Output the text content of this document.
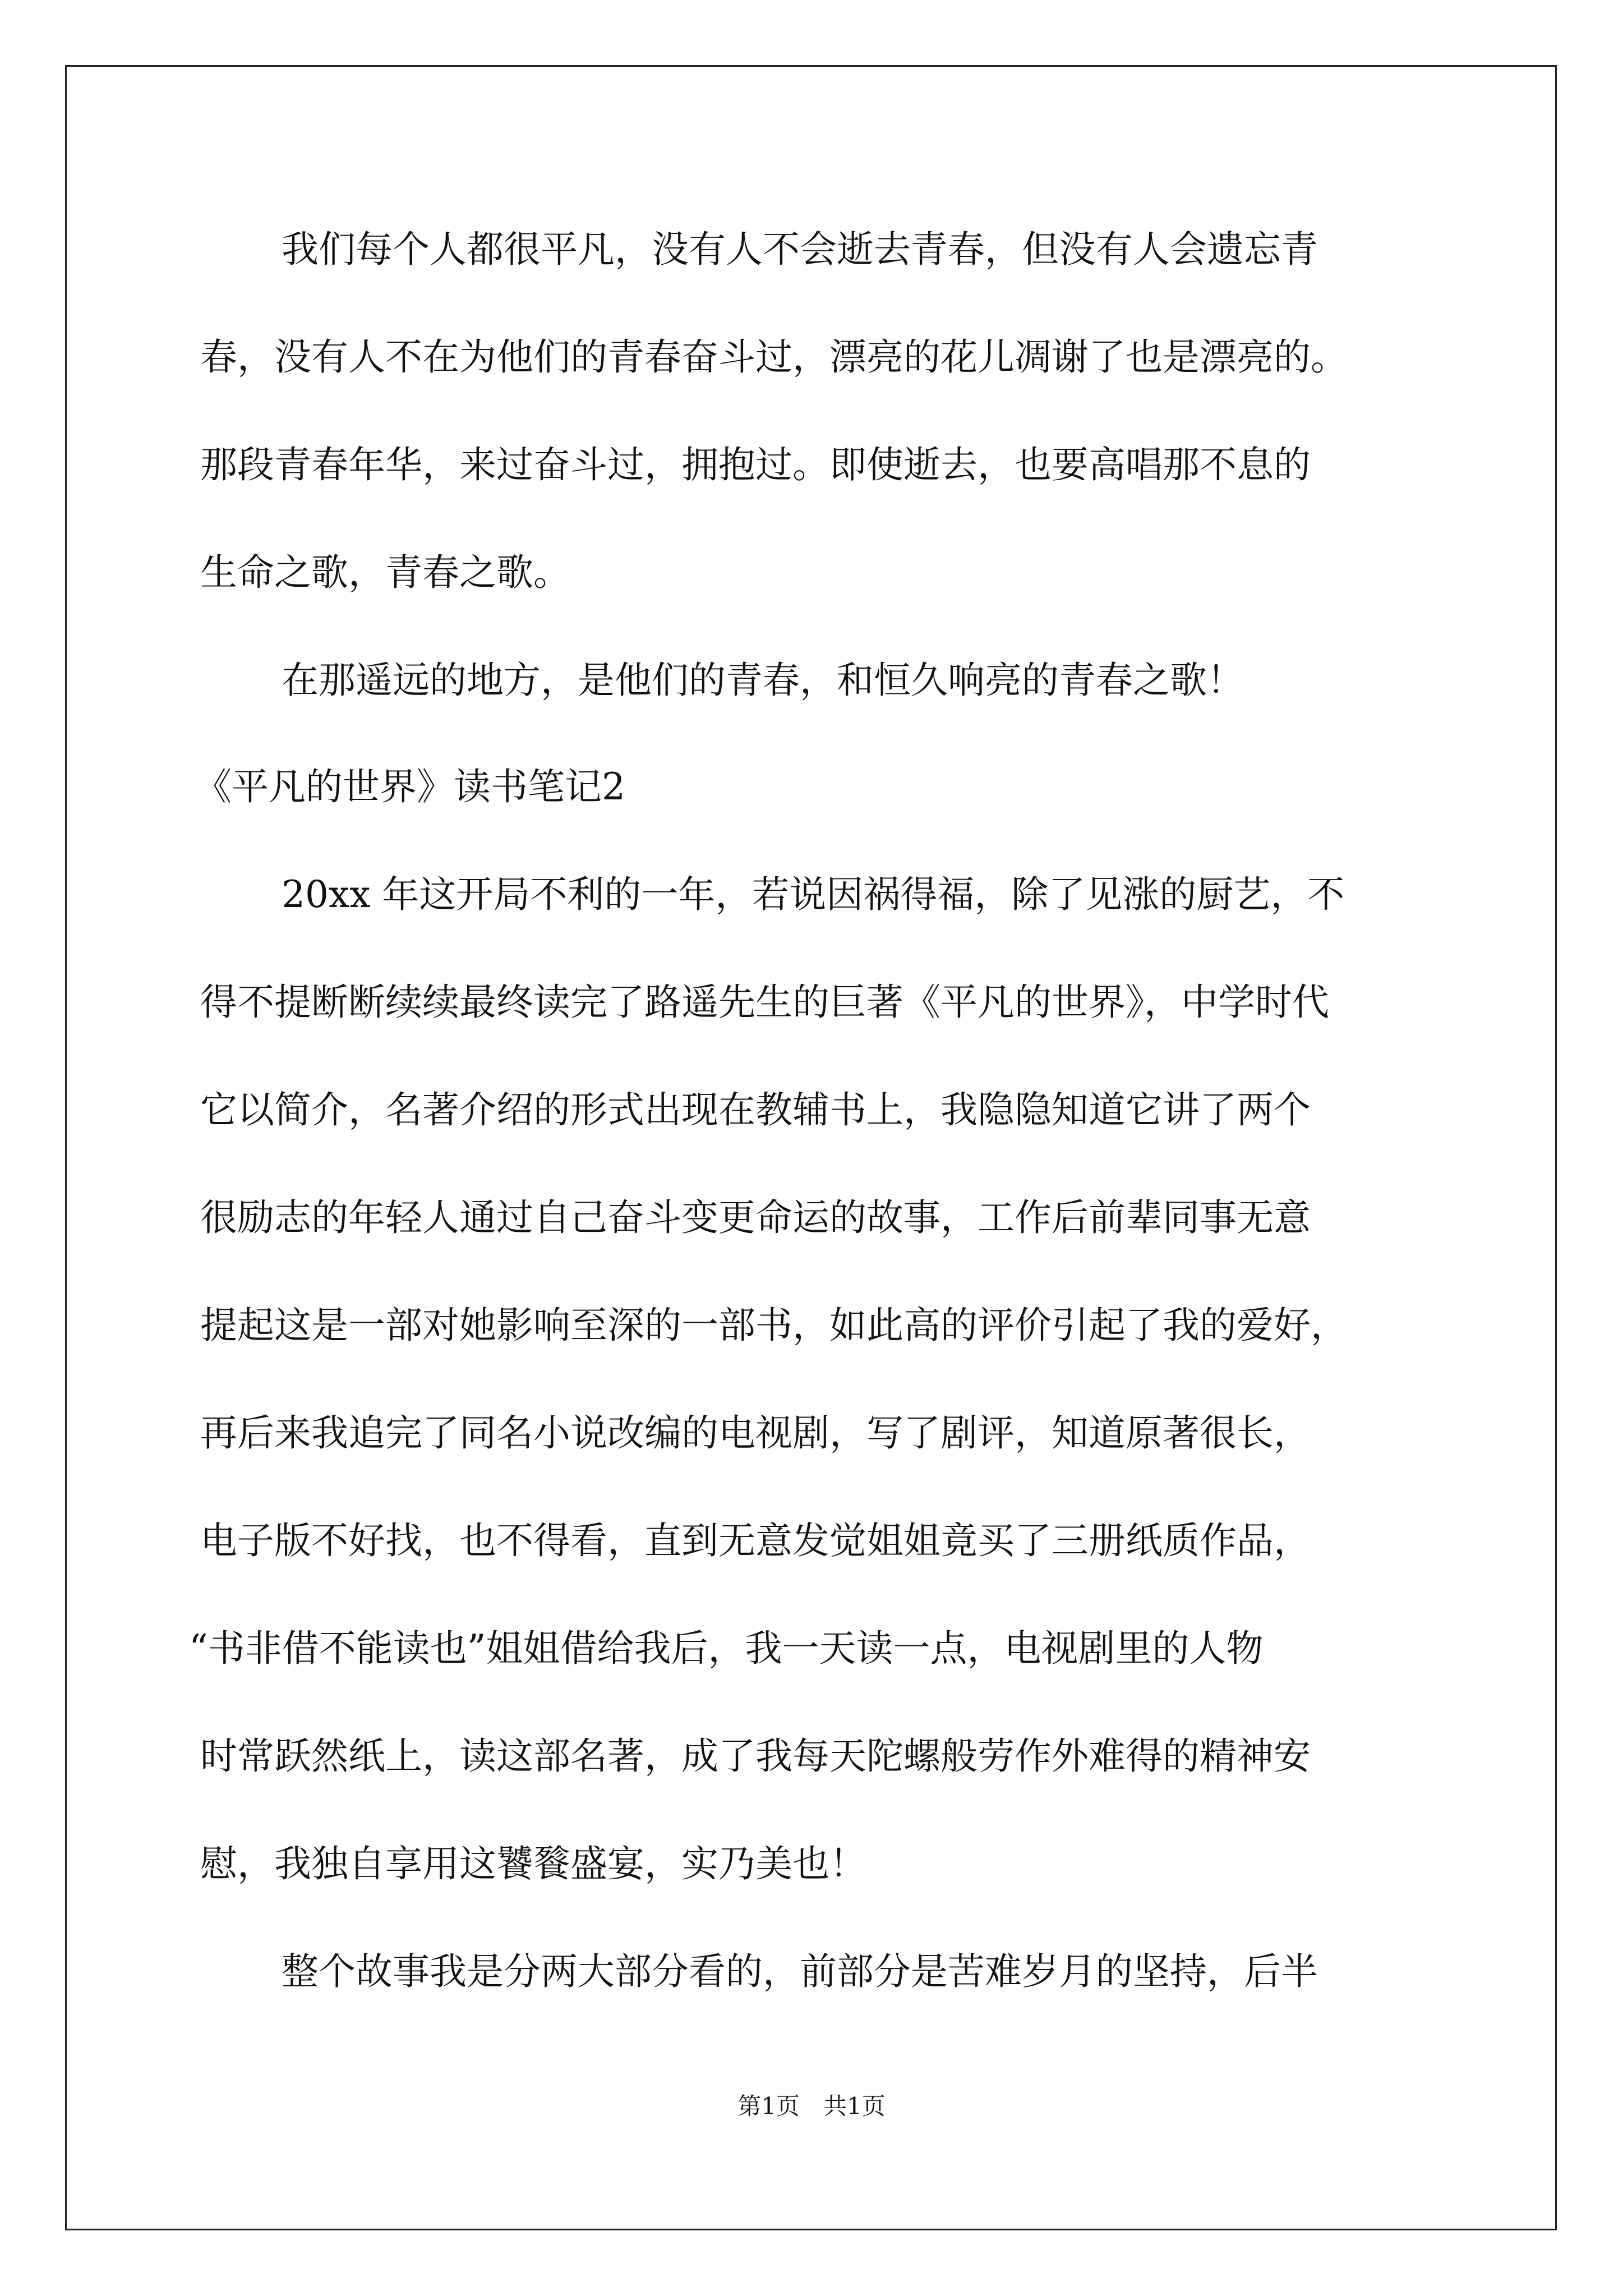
我们每个人都很平凡，没有人不会逝去青春，但没有人会遗忘青
春，没有人不在为他们的青春奋斗过，漂亮的花儿凋谢了也是漂亮的。
那段青春年华，来过奋斗过，拥抱过。即使逝去，也要高唱那不息的
生命之歌，青春之歌。
在那遥远的地方，是他们的青春，和恒久响亮的青春之歌！
《平凡的世界》读书笔记2
20xx 年这开局不利的一年，若说因祸得福，除了见涨的厨艺，不
得不提断断续续最终读完了路遥先生的巨著《平凡的世界》，中学时代
它以简介，名著介绍的形式出现在教辅书上，我隐隐知道它讲了两个
很励志的年轻人通过自己奋斗变更命运的故事，工作后前辈同事无意
提起这是一部对她影响至深的一部书，如此高的评价引起了我的爱好，
再后来我追完了同名小说改编的电视剧，写了剧评，知道原著很长，
电子版不好找，也不得看，直到无意发觉姐姐竟买了三册纸质作品，
“书非借不能读也”姐姐借给我后，我一天读一点，电视剧里的人物
时常跃然纸上，读这部名著，成了我每天陀螺般劳作外难得的精神安
慰，我独自享用这饕餮盛宴，实乃美也！
整个故事我是分两大部分看的，前部分是苦难岁月的坚持，后半
第1页　共1页
